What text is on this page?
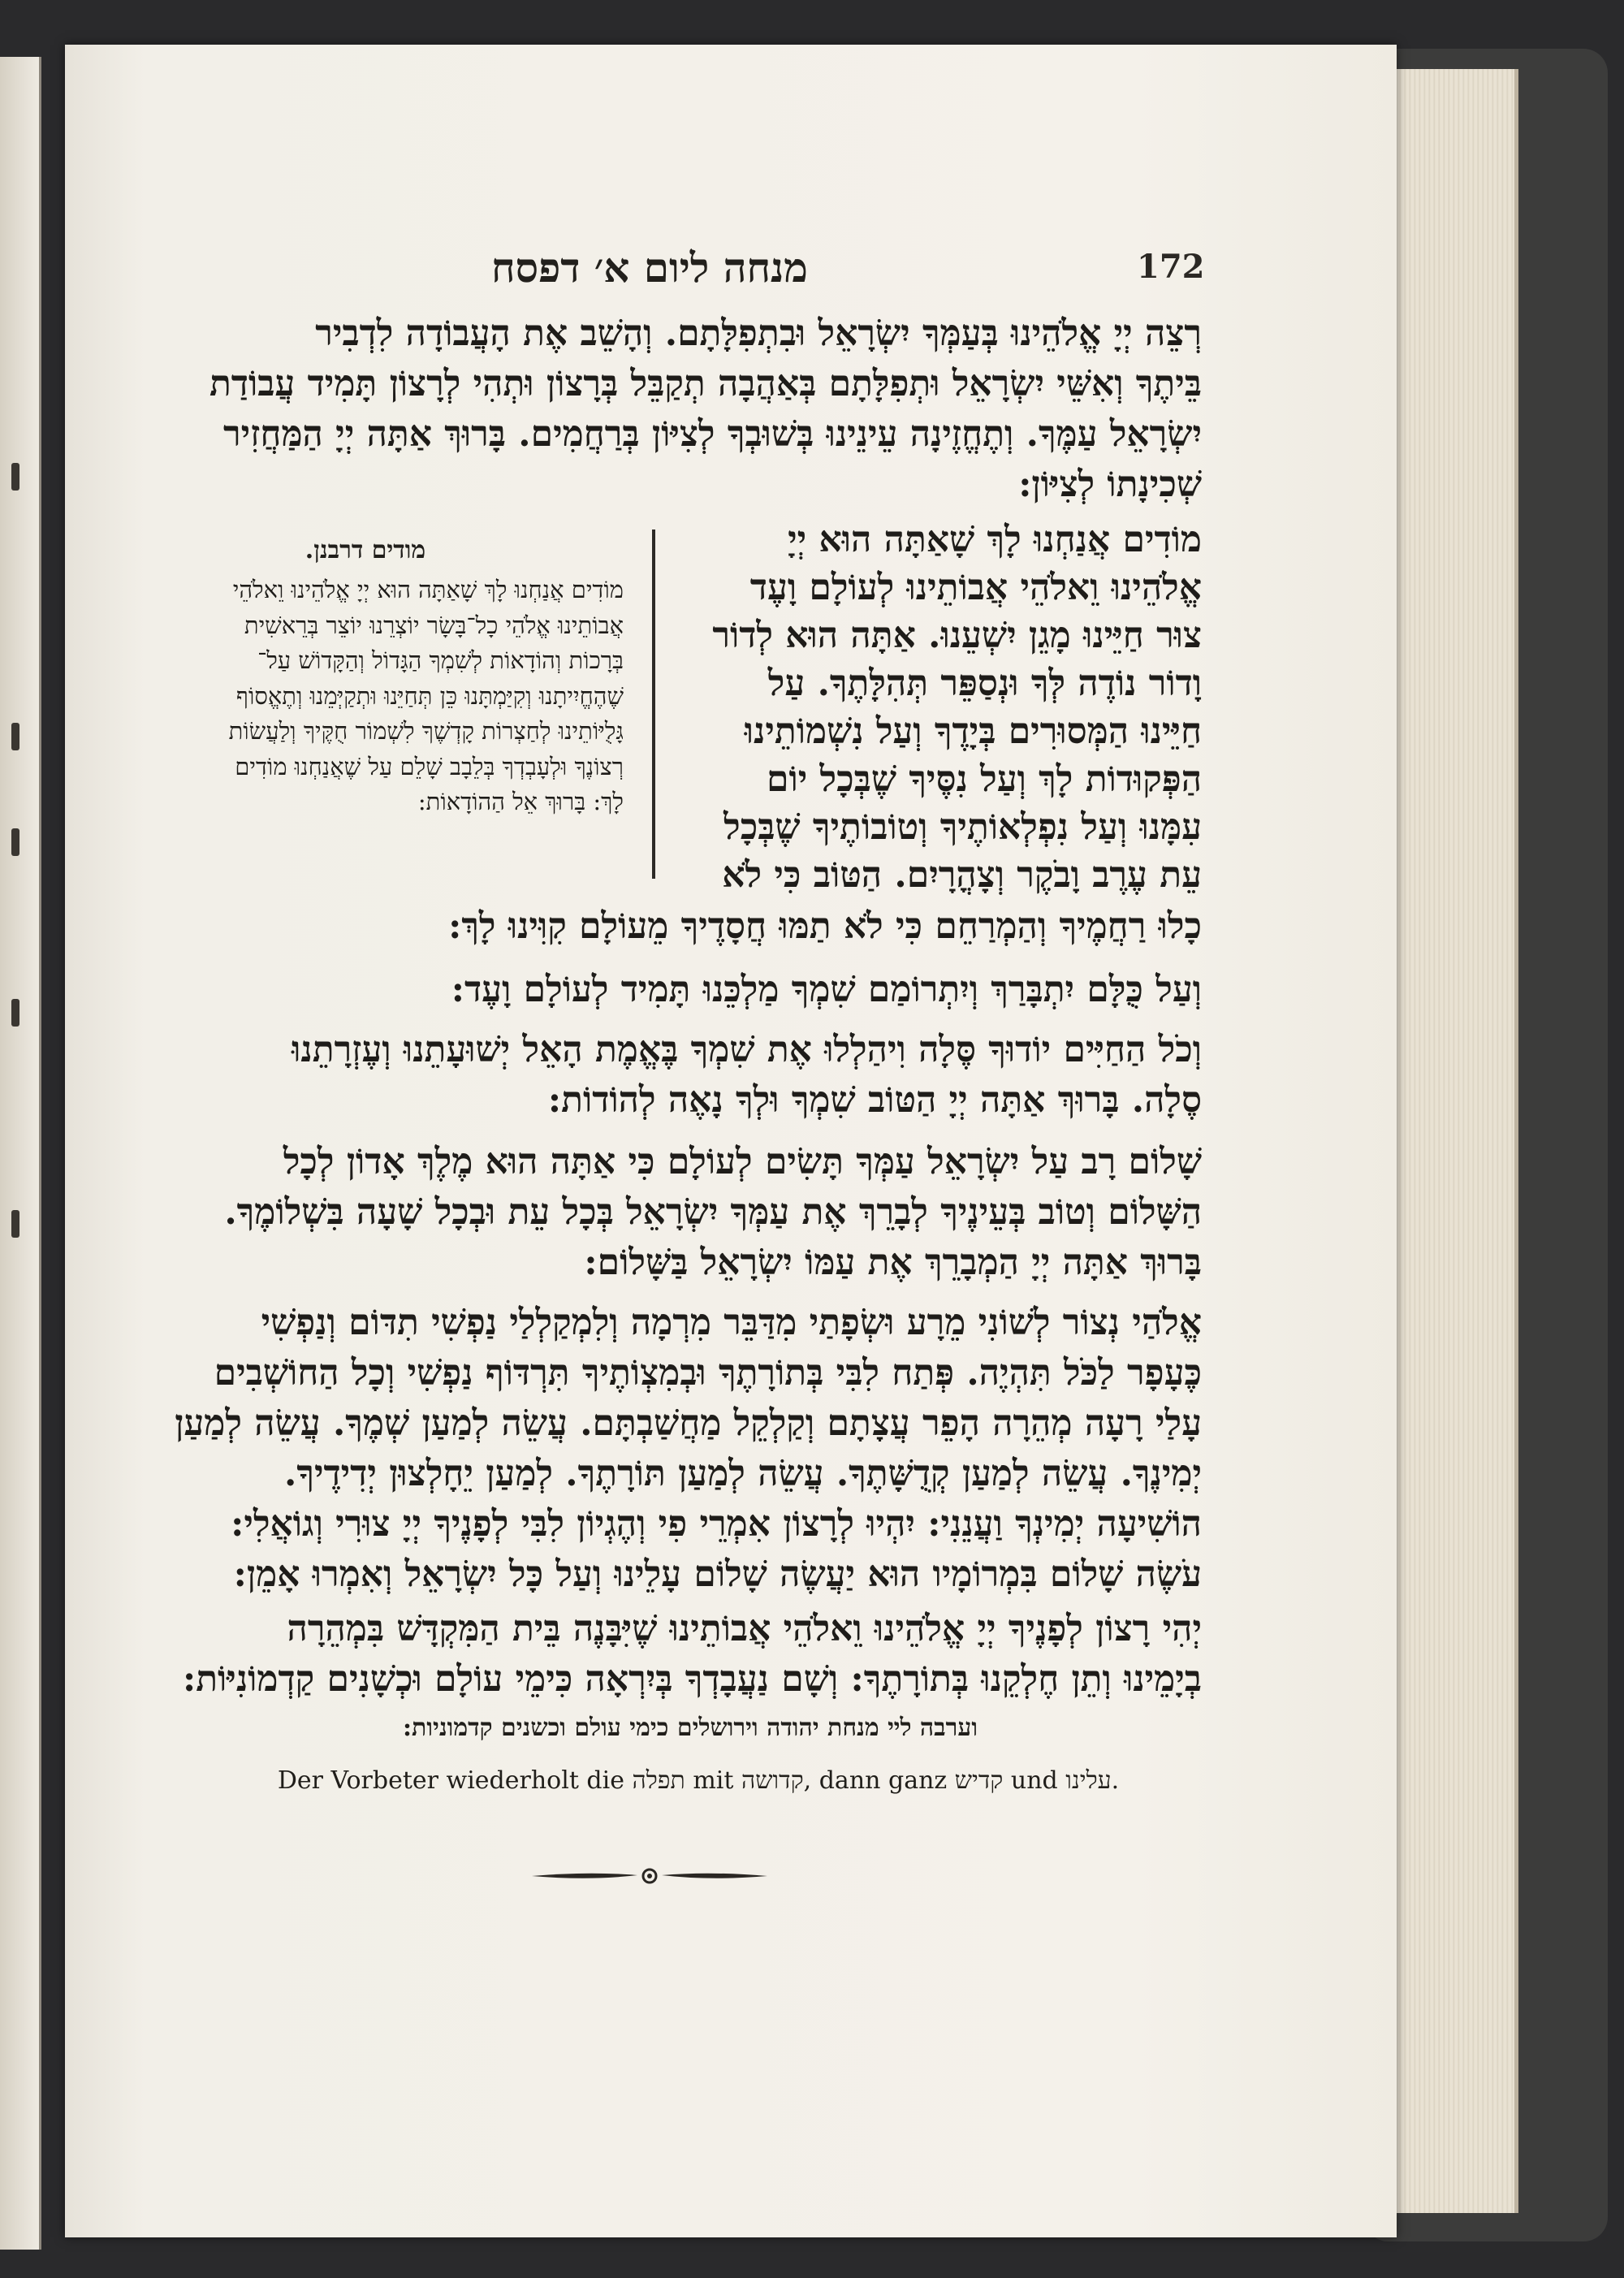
172
מנחה ליום א׳ דפסח
רְצֵה יְיָ אֱלֹהֵינוּ בְּעַמְּךָ יִשְׂרָאֵל וּבִתְפִלָּתָם. וְהָשֵׁב אֶת הָעֲבוֹדָה לִדְבִיר
בֵּיתֶךָ וְאִשֵּׁי יִשְׂרָאֵל וּתְפִלָּתָם בְּאַהֲבָה תְקַבֵּל בְּרָצוֹן וּתְהִי לְרָצוֹן תָּמִיד עֲבוֹדַת
יִשְׂרָאֵל עַמֶּךָ. וְתֶחֱזֶינָה עֵינֵינוּ בְּשׁוּבְךָ לְצִיּוֹן בְּרַחֲמִים. בָּרוּךְ אַתָּה יְיָ הַמַּחֲזִיר
שְׁכִינָתוֹ לְצִיּוֹן:
מוֹדִים אֲנַחְנוּ לָךְ שָׁאַתָּה הוּא יְיָ
אֱלֹהֵינוּ וֵאלֹהֵי אֲבוֹתֵינוּ לְעוֹלָם וָעֶד
צוּר חַיֵּינוּ מָגֵן יִשְׁעֵנוּ. אַתָּה הוּא לְדוֹר
וָדוֹר נוֹדֶה לְּךָ וּנְסַפֵּר תְּהִלָּתֶךָ. עַל
חַיֵּינוּ הַמְּסוּרִים בְּיָדֶךָ וְעַל נִשְׁמוֹתֵינוּ
הַפְּקוּדוֹת לָךְ וְעַל נִסֶּיךָ שֶׁבְּכָל יוֹם
עִמָּנוּ וְעַל נִפְלְאוֹתֶיךָ וְטוֹבוֹתֶיךָ שֶׁבְּכָל
עֵת עֶרֶב וָבֹקֶר וְצָהֳרָיִם. הַטּוֹב כִּי לֹא
מודים דרבנן.
מוֹדִים אֲנַחְנוּ לָךְ שָׁאַתָּה הוּא יְיָ אֱלֹהֵינוּ וֵאלֹהֵי
אֲבוֹתֵינוּ אֱלֹהֵי כָל־בָּשָׂר יוֹצְרֵנוּ יוֹצֵר בְּרֵאשִׁית
בְּרָכוֹת וְהוֹדָאוֹת לְשִׁמְךָ הַגָּדוֹל וְהַקָּדוֹשׁ עַל־
שֶׁהֶחֱיִיתָנוּ וְקִיַּמְתָּנוּ כֵּן תְּחַיֵּנוּ וּתְקַיְּמֵנוּ וְתֶאֱסוֹף
גָּלֻיּוֹתֵינוּ לְחַצְרוֹת קָדְשֶׁךָ לִשְׁמוֹר חֻקֶּיךָ וְלַעֲשׂוֹת
רְצוֹנֶךָ וּלְעָבְדְךָ בְּלֵבָב שָׁלֵם עַל שֶׁאֲנַחְנוּ מוֹדִים
לָךְ: בָּרוּךְ אֵל הַהוֹדָאוֹת:
כָלוּ רַחֲמֶיךָ וְהַמְרַחֵם כִּי לֹא תַמּוּ חֲסָדֶיךָ מֵעוֹלָם קִוִּינוּ לָךְ:
וְעַל כֻּלָּם יִתְבָּרַךְ וְיִתְרוֹמַם שִׁמְךָ מַלְכֵּנוּ תָּמִיד לְעוֹלָם וָעֶד:
וְכֹל הַחַיִּים יוֹדוּךָ סֶּלָה וִיהַלְלוּ אֶת שִׁמְךָ בֶּאֱמֶת הָאֵל יְשׁוּעָתֵנוּ וְעֶזְרָתֵנוּ
סֶלָה. בָּרוּךְ אַתָּה יְיָ הַטּוֹב שִׁמְךָ וּלְךָ נָאֶה לְהוֹדוֹת:
שָׁלוֹם רָב עַל יִשְׂרָאֵל עַמְּךָ תָּשִׂים לְעוֹלָם כִּי אַתָּה הוּא מֶלֶךְ אָדוֹן לְכָל
הַשָּׁלוֹם וְטוֹב בְּעֵינֶיךָ לְבָרֵךְ אֶת עַמְּךָ יִשְׂרָאֵל בְּכָל עֵת וּבְכָל שָׁעָה בִּשְׁלוֹמֶךָ.
בָּרוּךְ אַתָּה יְיָ הַמְבָרֵךְ אֶת עַמּוֹ יִשְׂרָאֵל בַּשָּׁלוֹם:
אֱלֹהַי נְצוֹר לְשׁוֹנִי מֵרָע וּשְׂפָתַי מִדַּבֵּר מִרְמָה וְלִמְקַלְלַי נַפְשִׁי תִדּוֹם וְנַפְשִׁי
כֶּעָפָר לַכֹּל תִּהְיֶה. פְּתַח לִבִּי בְּתוֹרָתֶךָ וּבְמִצְוֹתֶיךָ תִּרְדּוֹף נַפְשִׁי וְכָל הַחוֹשְׁבִים
עָלַי רָעָה מְהֵרָה הָפֵר עֲצָתָם וְקַלְקֵל מַחֲשַׁבְתָּם. עֲשֵׂה לְמַעַן שְׁמֶךָ. עֲשֵׂה לְמַעַן
יְמִינֶךָ. עֲשֵׂה לְמַעַן קְדֻשָּׁתֶךָ. עֲשֵׂה לְמַעַן תּוֹרָתֶךָ. לְמַעַן יֵחָלְצוּן יְדִידֶיךָ.
הוֹשִׁיעָה יְמִינְךָ וַעֲנֵנִי: יִהְיוּ לְרָצוֹן אִמְרֵי פִי וְהֶגְיוֹן לִבִּי לְפָנֶיךָ יְיָ צוּרִי וְגוֹאֲלִי:
עֹשֶׂה שָׁלוֹם בִּמְרוֹמָיו הוּא יַעֲשֶׂה שָׁלוֹם עָלֵינוּ וְעַל כָּל יִשְׂרָאֵל וְאִמְרוּ אָמֵן:
יְהִי רָצוֹן לְפָנֶיךָ יְיָ אֱלֹהֵינוּ וֵאלֹהֵי אֲבוֹתֵינוּ שֶׁיִּבָּנֶה בֵּית הַמִּקְדָּשׁ בִּמְהֵרָה
בְיָמֵינוּ וְתֵן חֶלְקֵנוּ בְּתוֹרָתֶךָ: וְשָׁם נַעֲבָדְךָ בְּיִרְאָה כִּימֵי עוֹלָם וּכְשָׁנִים קַדְמוֹנִיּוֹת:
וערבה לײ מנחת יהודה וירושלים כימי עולם וכשנים קדמוניות:
Der Vorbeter wiederholt die תפלה mit קדושה, dann ganz קדיש und עלינו.
